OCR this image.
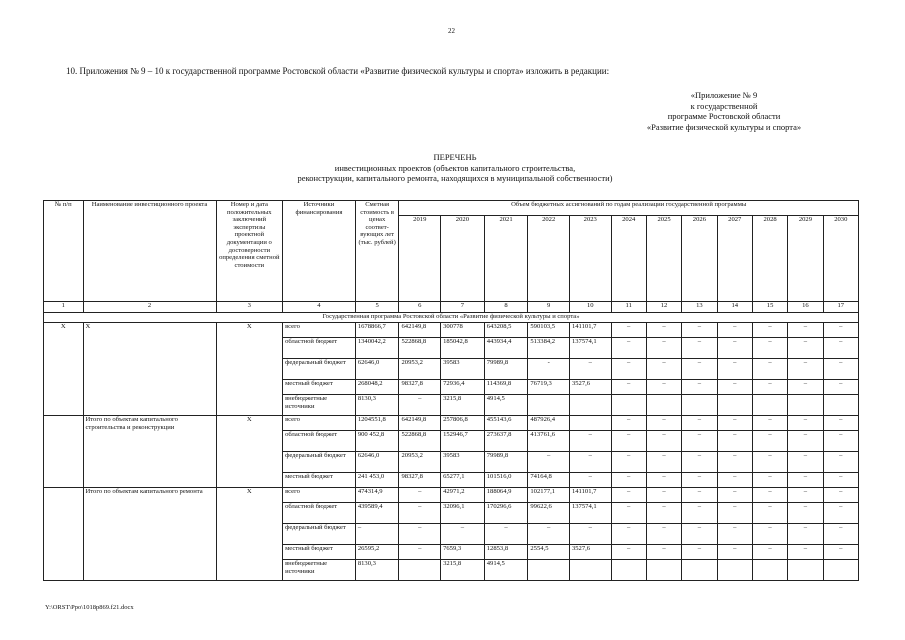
22
10. Приложения № 9 – 10 к государственной программе Ростовской области «Развитие физической культуры и спорта» изложить в редакции:
«Приложение № 9
к государственной
программе Ростовской области
«Развитие физической культуры и спорта»
ПЕРЕЧЕНЬ
инвестиционных проектов (объектов капитального строительства,
реконструкции, капитального ремонта, находящихся в муниципальной собственности)
№ п/п	Наименование инвестиционного проекта	Номер и дата положительных заключений экспертизы проектной документации о достоверности определения сметной стоимости	Источники финансирования	Сметная стоимость в ценах соответ-вующих лет (тыс. рублей)	Объем бюджетных ассигнований по годам реализации государственной программы											
					2019	2020	2021	2022	2023	2024	2025	2026	2027	2028	2029	2030
1	2	3	4	5	6	7	8	9	10	11	12	13	14	15	16	17
Государственная программа Ростовской области «Развитие физической культуры и спорта»																
Х	Х	Х	всего	1678866,7	642149,8	300778	643208,5	590103,5	141101,7	–	–	–	–	–	–	–
			областной бюджет	1340042,2	522868,8	185042,8	443934,4	513384,2	137574,1	–	–	–	–	–	–	–
			федеральный бюджет	62646,0	20953,2	39583	79989,8	-	–	–	–	–	–	–	–	–
			местный бюджет	268048,2	98327,8	72936,4	114369,8	76719,3	3527,6	–	–	–	–	–	–	–
			внебюджетные источники	8130,3	–	3215,8	4914,5									
	Итого по объектам капитального строительства и реконструкции	Х	всего	1204551,8	642149,8	257806,8	455143,6	487926,4		–	–	–	–	–	–	–
			областной бюджет	900 452,8	522868,8	152946,7	273637,8	413761,6	–	–	–	–	–	–	–	–
			федеральный бюджет	62646,0	20953,2	39583	79989,8	–	–	–	–	–	–	–	–	–
			местный бюджет	241 453,0	98327,8	65277,1	101516,0	74164,8	–	–	–	–	–	–	–	–
	Итого по объектам капитального ремонта	Х	всего	474314,9	–	42971,2	188064,9	102177,1	141101,7	–	–	–	–	–	–	–
			областной бюджет	439589,4	–	32096,1	170296,6	99622,6	137574,1	–	–	–	–	–	–	–
			федеральный бюджет	–	–	–	–	–	–	–	–	–	–	–	–	–
			местный бюджет	26595,2	–	7659,3	12853,8	2554,5	3527,6	–	–	–	–	–	–	–
			внебюджетные источники	8130,3		3215,8	4914,5									
Y:\ORST\Ppo\1018p869.f21.docx
